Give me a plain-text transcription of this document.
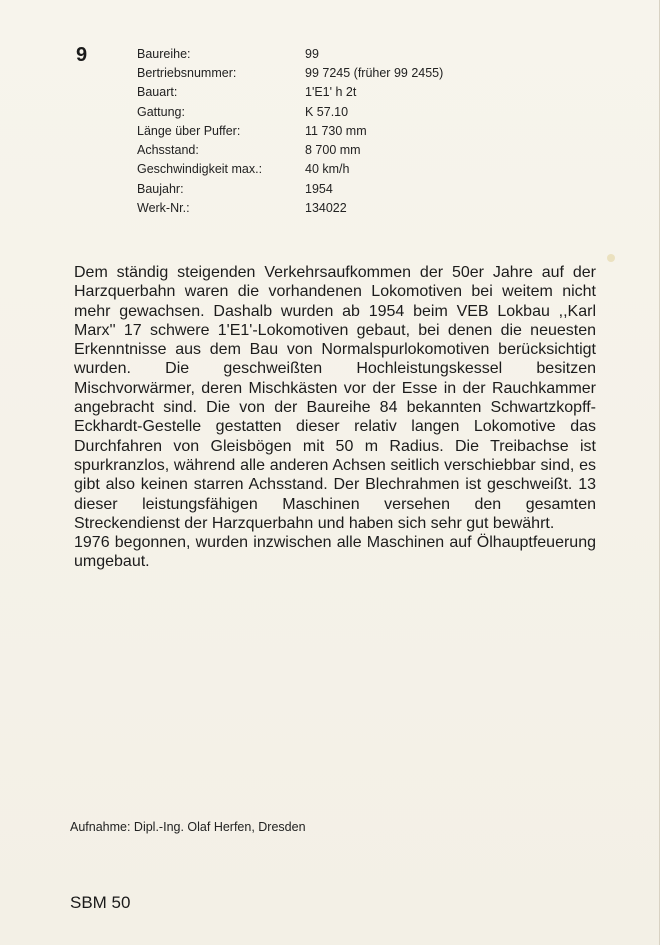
9	Baureihe:	99
Bertriebsnummer:	99 7245 (früher 99 2455)
Bauart:	1'E1' h 2t
Gattung:	K 57.10
Länge über Puffer:	11 730 mm
Achsstand:	8 700 mm
Geschwindigkeit max.:	40 km/h
Baujahr:	1954
Werk-Nr.:	134022

Dem ständig steigenden Verkehrsaufkommen der 50er Jahre auf der Harzquerbahn waren die vorhandenen Lokomotiven bei weitem nicht mehr gewachsen. Dashalb wurden ab 1954 beim VEB Lokbau ,,Karl Marx'' 17 schwere 1'E1'-Lokomotiven gebaut, bei denen die neuesten Erkenntnisse aus dem Bau von Normalspurlokomotiven berücksichtigt wurden. Die geschweißten Hochleistungskessel besitzen Mischvorwärmer, deren Mischkästen vor der Esse in der Rauchkammer angebracht sind. Die von der Baureihe 84 bekannten Schwartzkopff-Eckhardt-Gestelle gestatten dieser relativ langen Lokomotive das Durchfahren von Gleisbögen mit 50 m Radius. Die Treibachse ist spurkranzlos, während alle anderen Achsen seitlich verschiebbar sind, es gibt also keinen starren Achsstand. Der Blechrahmen ist geschweißt. 13 dieser leistungsfähigen Maschinen versehen den gesamten Streckendienst der Harzquerbahn und haben sich sehr gut bewährt.

1976 begonnen, wurden inzwischen alle Maschinen auf Ölhauptfeuerung umgebaut.

Aufnahme: Dipl.-Ing. Olaf Herfen, Dresden
SBM 50
